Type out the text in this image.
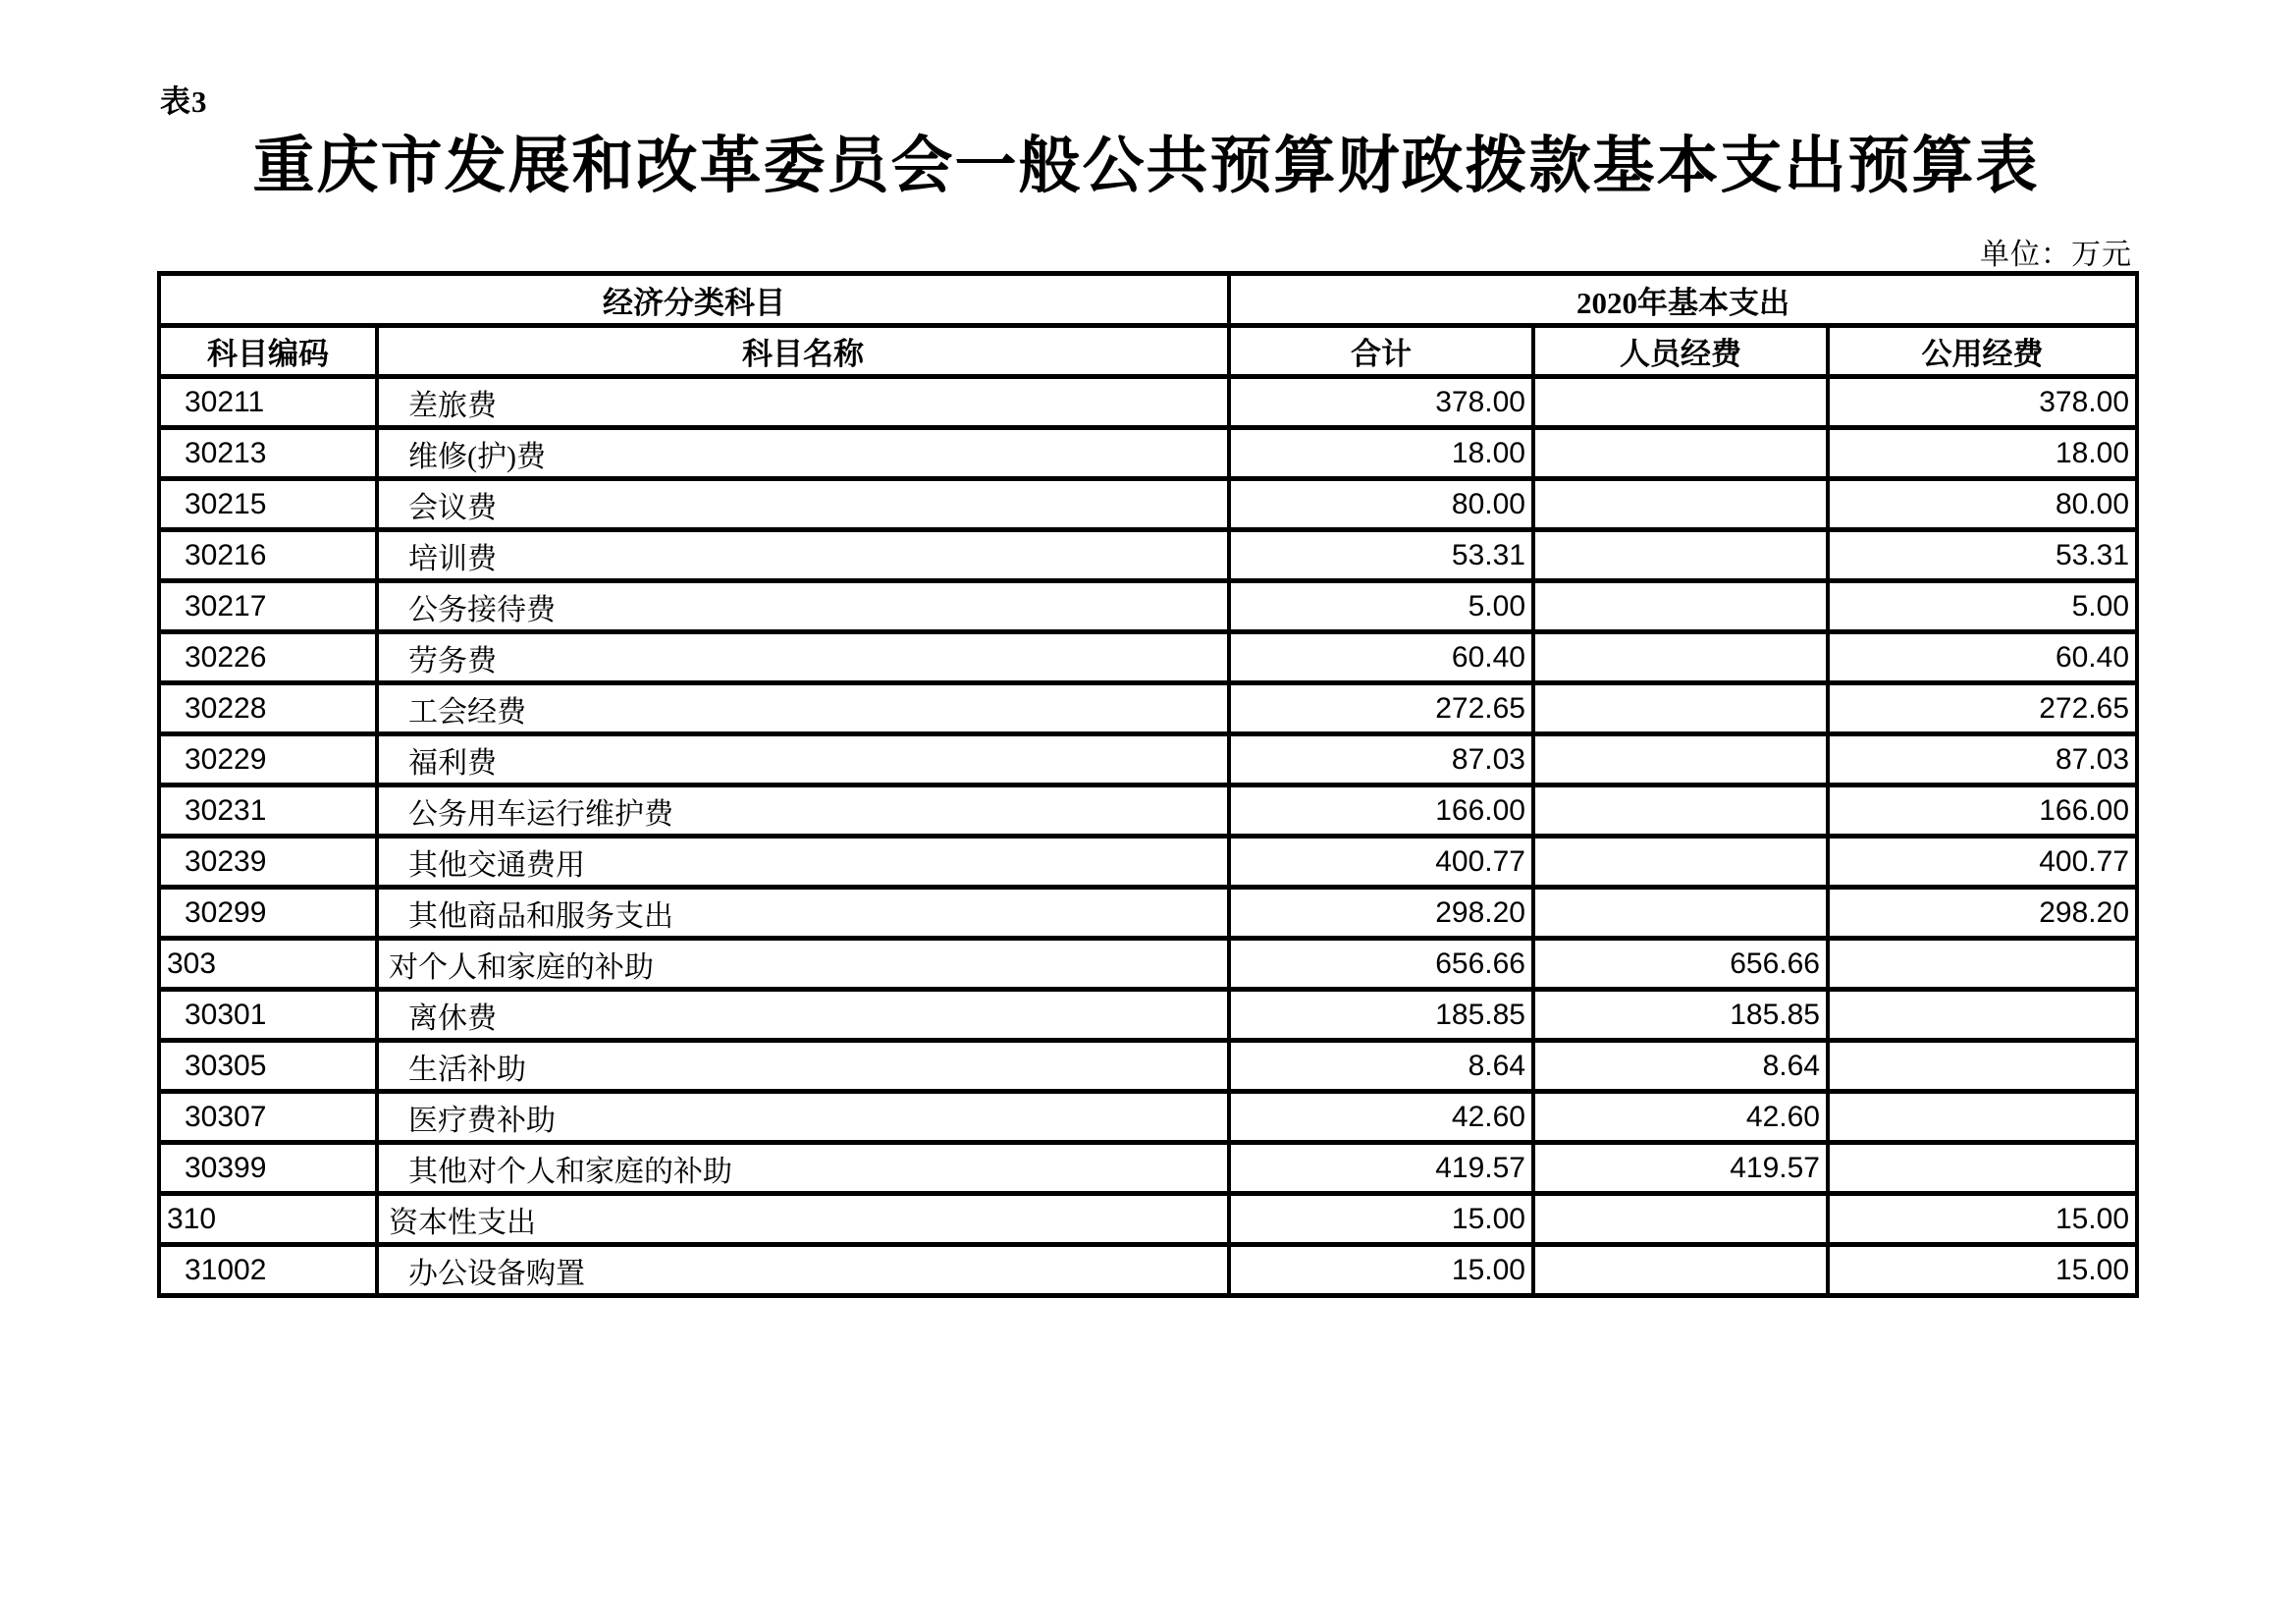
表3
重庆市发展和改革委员会一般公共预算财政拨款基本支出预算表
单位：万元
经济分类科目		2020年基本支出		
科目编码	科目名称	合计	人员经费	公用经费
30211	差旅费	378.00		378.00
30213	维修(护)费	18.00		18.00
30215	会议费	80.00		80.00
30216	培训费	53.31		53.31
30217	公务接待费	5.00		5.00
30226	劳务费	60.40		60.40
30228	工会经费	272.65		272.65
30229	福利费	87.03		87.03
30231	公务用车运行维护费	166.00		166.00
30239	其他交通费用	400.77		400.77
30299	其他商品和服务支出	298.20		298.20
303	对个人和家庭的补助	656.66	656.66	
30301	离休费	185.85	185.85	
30305	生活补助	8.64	8.64	
30307	医疗费补助	42.60	42.60	
30399	其他对个人和家庭的补助	419.57	419.57	
310	资本性支出	15.00		15.00
31002	办公设备购置	15.00		15.00
